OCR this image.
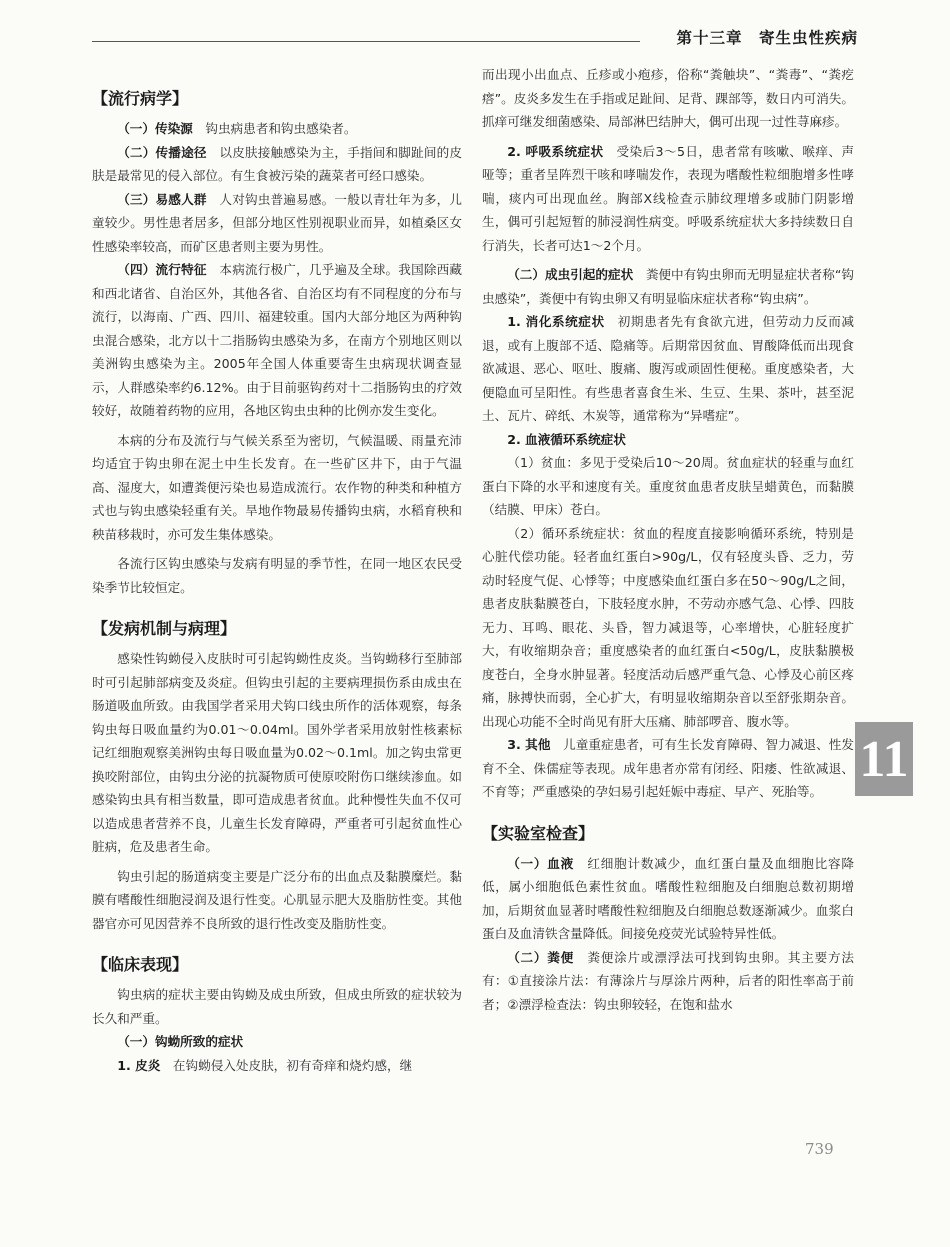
第十三章　寄生虫性疾病
【流行病学】

（一）传染源　钩虫病患者和钩虫感染者。

（二）传播途径　以皮肤接触感染为主，手指间和脚趾间的皮肤是最常见的侵入部位。有生食被污染的蔬菜者可经口感染。

（三）易感人群　人对钩虫普遍易感。一般以青壮年为多，儿童较少。男性患者居多，但部分地区性别视职业而异，如植桑区女性感染率较高，而矿区患者则主要为男性。

（四）流行特征　本病流行极广，几乎遍及全球。我国除西藏和西北诸省、自治区外，其他各省、自治区均有不同程度的分布与流行，以海南、广西、四川、福建较重。国内大部分地区为两种钩虫混合感染，北方以十二指肠钩虫感染为多，在南方个别地区则以美洲钩虫感染为主。2005年全国人体重要寄生虫病现状调查显示，人群感染率约6.12%。由于目前驱钩药对十二指肠钩虫的疗效较好，故随着药物的应用，各地区钩虫虫种的比例亦发生变化。

本病的分布及流行与气候关系至为密切，气候温暖、雨量充沛均适宜于钩虫卵在泥土中生长发育。在一些矿区井下，由于气温高、湿度大，如遭粪便污染也易造成流行。农作物的种类和种植方式也与钩虫感染轻重有关。旱地作物最易传播钩虫病，水稻育秧和秧苗移栽时，亦可发生集体感染。

各流行区钩虫感染与发病有明显的季节性，在同一地区农民受染季节比较恒定。

【发病机制与病理】

感染性钩蚴侵入皮肤时可引起钩蚴性皮炎。当钩蚴移行至肺部时可引起肺部病变及炎症。但钩虫引起的主要病理损伤系由成虫在肠道吸血所致。由我国学者采用犬钩口线虫所作的活体观察，每条钩虫每日吸血量约为0.01～0.04ml。国外学者采用放射性核素标记红细胞观察美洲钩虫每日吸血量为0.02～0.1ml。加之钩虫常更换咬附部位，由钩虫分泌的抗凝物质可使原咬附伤口继续渗血。如感染钩虫具有相当数量，即可造成患者贫血。此种慢性失血不仅可以造成患者营养不良，儿童生长发育障碍，严重者可引起贫血性心脏病，危及患者生命。

钩虫引起的肠道病变主要是广泛分布的出血点及黏膜糜烂。黏膜有嗜酸性细胞浸润及退行性变。心肌显示肥大及脂肪性变。其他器官亦可见因营养不良所致的退行性改变及脂肪性变。

【临床表现】

钩虫病的症状主要由钩蚴及成虫所致，但成虫所致的症状较为长久和严重。

（一）钩蚴所致的症状

1. 皮炎　在钩蚴侵入处皮肤，初有奇痒和烧灼感，继

而出现小出血点、丘疹或小疱疹，俗称“粪触块”、“粪毒”、“粪疙瘩”。皮炎多发生在手指或足趾间、足背、踝部等，数日内可消失。抓痒可继发细菌感染、局部淋巴结肿大，偶可出现一过性荨麻疹。

2. 呼吸系统症状　受染后3～5日，患者常有咳嗽、喉痒、声哑等；重者呈阵烈干咳和哮喘发作，表现为嗜酸性粒细胞增多性哮喘，痰内可出现血丝。胸部X线检查示肺纹理增多或肺门阴影增生，偶可引起短暂的肺浸润性病变。呼吸系统症状大多持续数日自行消失，长者可达1～2个月。

（二）成虫引起的症状　粪便中有钩虫卵而无明显症状者称“钩虫感染”，粪便中有钩虫卵又有明显临床症状者称“钩虫病”。

1. 消化系统症状　初期患者先有食欲亢进，但劳动力反而减退，或有上腹部不适、隐痛等。后期常因贫血、胃酸降低而出现食欲减退、恶心、呕吐、腹痛、腹泻或顽固性便秘。重度感染者，大便隐血可呈阳性。有些患者喜食生米、生豆、生果、茶叶，甚至泥土、瓦片、碎纸、木炭等，通常称为“异嗜症”。

2. 血液循环系统症状

（1）贫血：多见于受染后10～20周。贫血症状的轻重与血红蛋白下降的水平和速度有关。重度贫血患者皮肤呈蜡黄色，而黏膜（结膜、甲床）苍白。

（2）循环系统症状：贫血的程度直接影响循环系统，特别是心脏代偿功能。轻者血红蛋白>90g/L，仅有轻度头昏、乏力，劳动时轻度气促、心悸等；中度感染血红蛋白多在50～90g/L之间，患者皮肤黏膜苍白，下肢轻度水肿，不劳动亦感气急、心悸、四肢无力、耳鸣、眼花、头昏，智力减退等，心率增快，心脏轻度扩大，有收缩期杂音；重度感染者的血红蛋白<50g/L，皮肤黏膜极度苍白，全身水肿显著。轻度活动后感严重气急、心悸及心前区疼痛，脉搏快而弱，全心扩大，有明显收缩期杂音以至舒张期杂音。出现心功能不全时尚见有肝大压痛、肺部啰音、腹水等。

3. 其他　儿童重症患者，可有生长发育障碍、智力减退、性发育不全、侏儒症等表现。成年患者亦常有闭经、阳痿、性欲减退、不育等；严重感染的孕妇易引起妊娠中毒症、早产、死胎等。

【实验室检查】

（一）血液　红细胞计数减少，血红蛋白量及血细胞比容降低，属小细胞低色素性贫血。嗜酸性粒细胞及白细胞总数初期增加，后期贫血显著时嗜酸性粒细胞及白细胞总数逐渐减少。血浆白蛋白及血清铁含量降低。间接免疫荧光试验特异性低。

（二）粪便　粪便涂片或漂浮法可找到钩虫卵。其主要方法有：①直接涂片法：有薄涂片与厚涂片两种，后者的阳性率高于前者；②漂浮检查法：钩虫卵较轻，在饱和盐水

11
739
